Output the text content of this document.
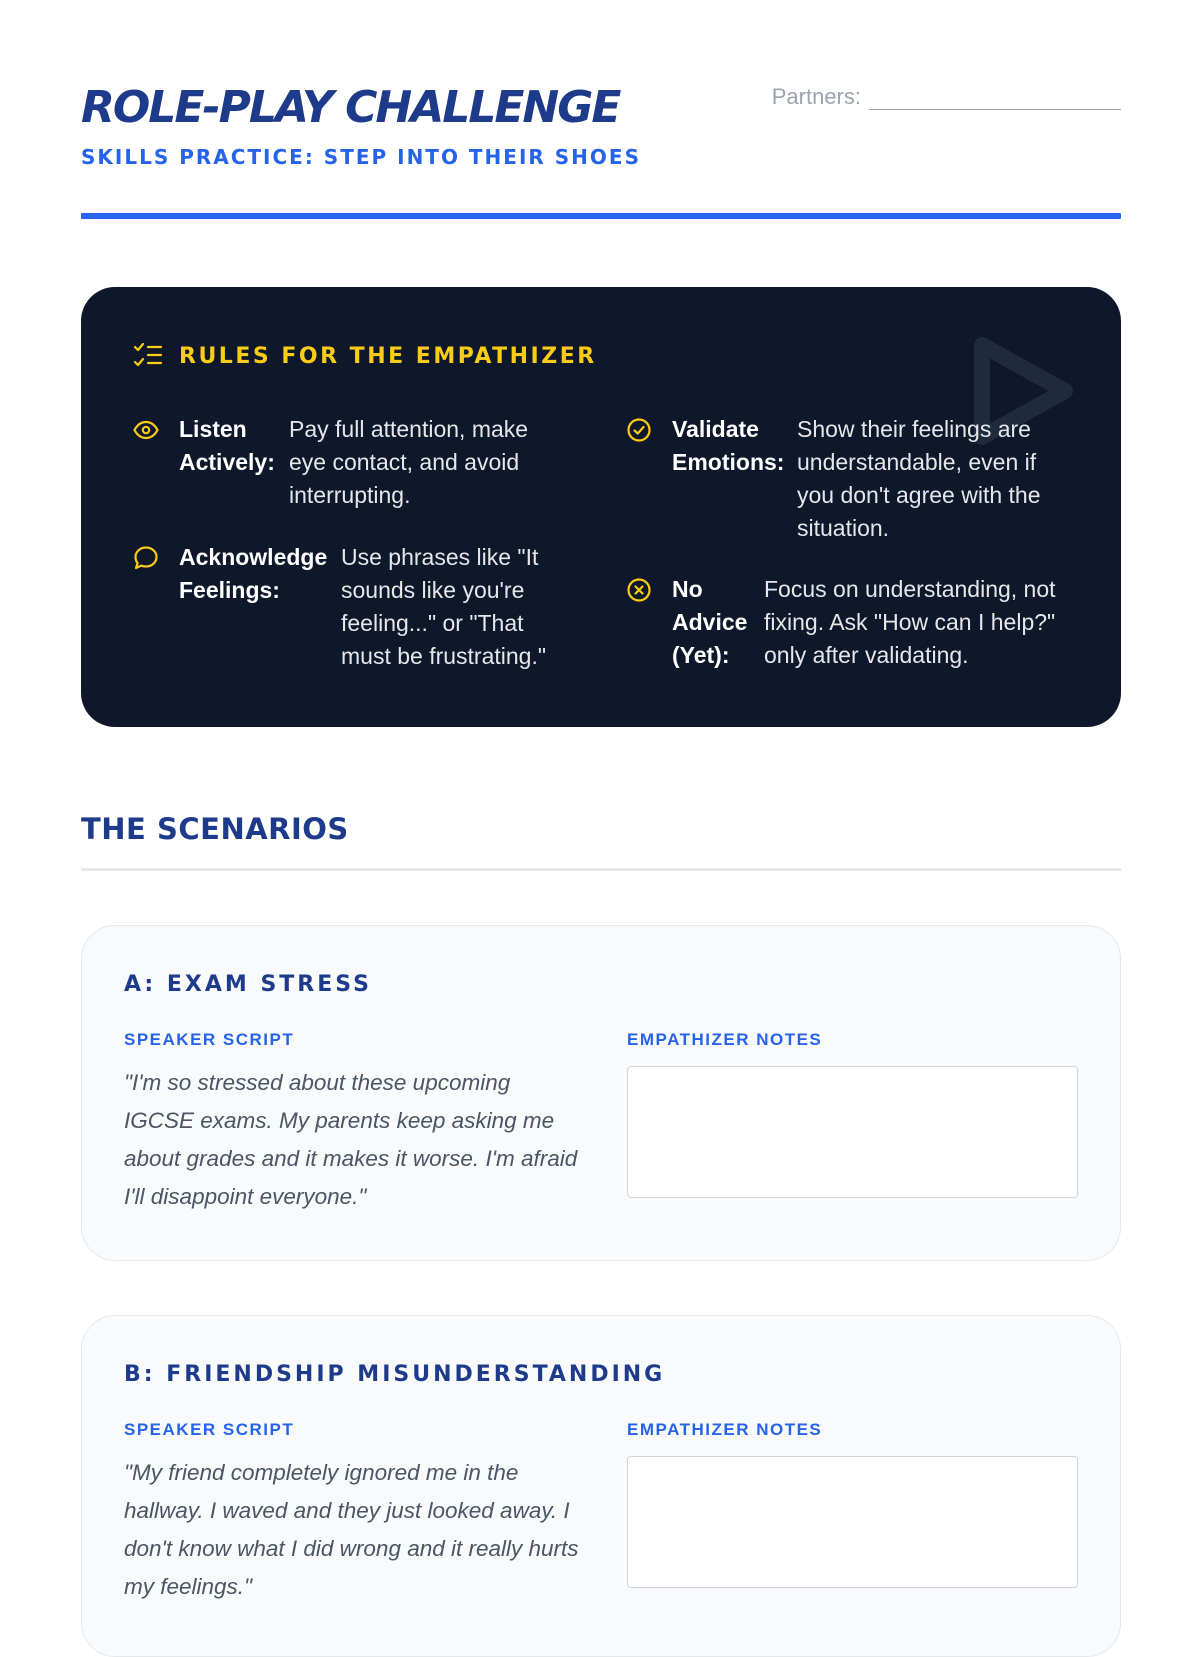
ROLE-PLAY CHALLENGE
SKILLS PRACTICE: STEP INTO THEIR SHOES
Partners:
RULES FOR THE EMPATHIZER
Listen Actively:
Pay full attention, make eye contact, and avoid interrupting.
Validate Emotions:
Show their feelings are understandable, even if you don't agree with the situation.
Acknowledge Feelings:
Use phrases like "It sounds like you're feeling..." or "That must be frustrating."
No Advice (Yet):
Focus on understanding, not fixing. Ask "How can I help?" only after validating.
THE SCENARIOS
A: EXAM STRESS
SPEAKER SCRIPT	EMPATHIZER NOTES

"I'm so stressed about these upcoming IGCSE exams. My parents keep asking me about grades and it makes it worse. I'm afraid I'll disappoint everyone."

B: FRIENDSHIP MISUNDERSTANDING
SPEAKER SCRIPT	EMPATHIZER NOTES

"My friend completely ignored me in the hallway. I waved and they just looked away. I don't know what I did wrong and it really hurts my feelings."
